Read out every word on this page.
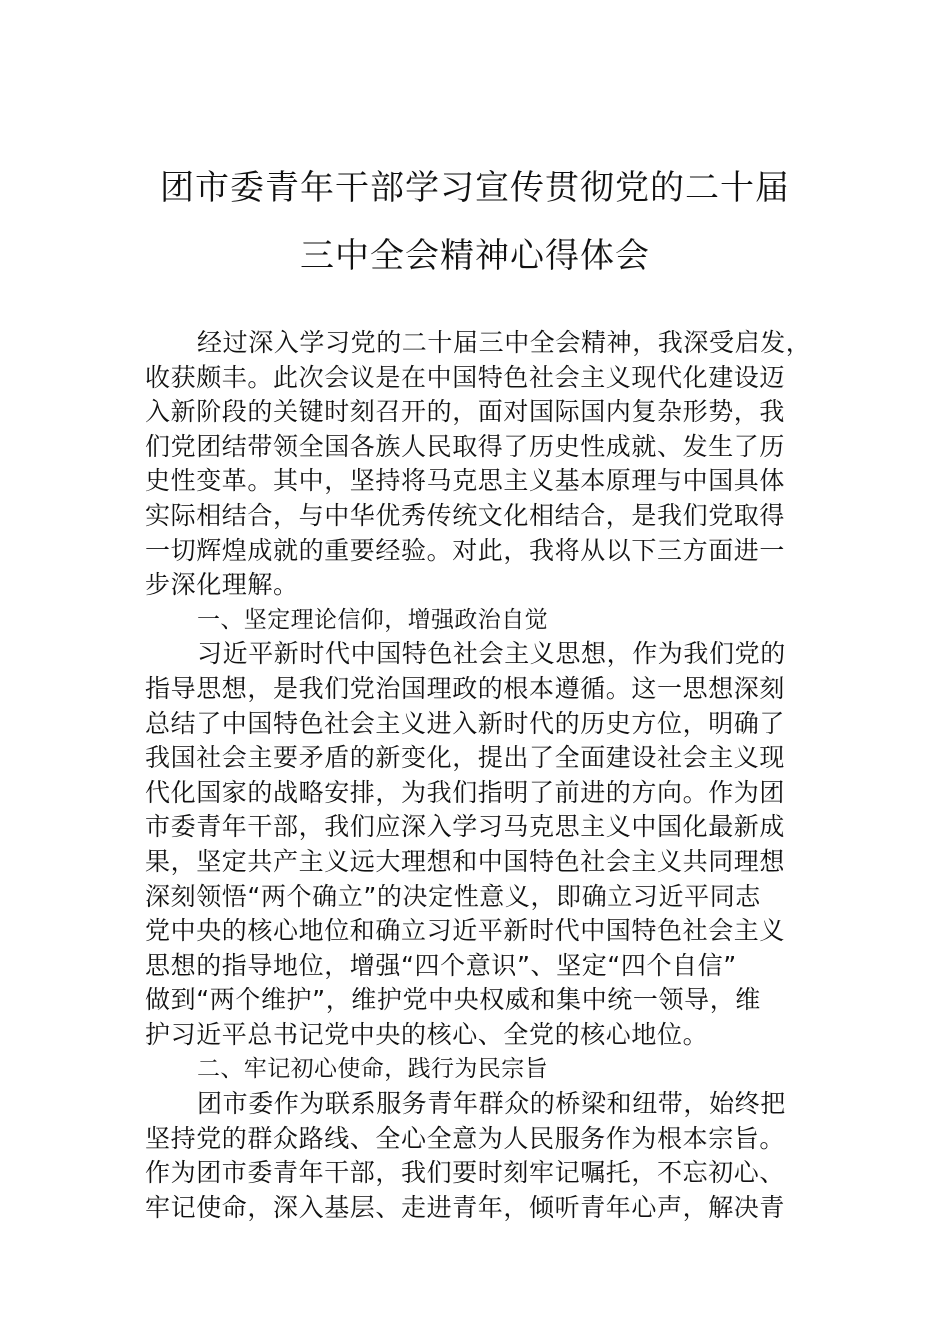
团市委青年干部学习宣传贯彻党的二十届
三中全会精神心得体会
经过深入学习党的二十届三中全会精神，我深受启发，
收获颇丰。此次会议是在中国特色社会主义现代化建设迈
入新阶段的关键时刻召开的，面对国际国内复杂形势，我
们党团结带领全国各族人民取得了历史性成就、发生了历
史性变革。其中，坚持将马克思主义基本原理与中国具体
实际相结合，与中华优秀传统文化相结合，是我们党取得
一切辉煌成就的重要经验。对此，我将从以下三方面进一
步深化理解。
一、坚定理论信仰，增强政治自觉
习近平新时代中国特色社会主义思想，作为我们党的
指导思想，是我们党治国理政的根本遵循。这一思想深刻
总结了中国特色社会主义进入新时代的历史方位，明确了
我国社会主要矛盾的新变化，提出了全面建设社会主义现
代化国家的战略安排，为我们指明了前进的方向。作为团
市委青年干部，我们应深入学习马克思主义中国化最新成
果，坚定共产主义远大理想和中国特色社会主义共同理想
深刻领悟“两个确立”的决定性意义，即确立习近平同志
党中央的核心地位和确立习近平新时代中国特色社会主义
思想的指导地位，增强“四个意识”、坚定“四个自信”
做到“两个维护”，维护党中央权威和集中统一领导，维
护习近平总书记党中央的核心、全党的核心地位。
二、牢记初心使命，践行为民宗旨
团市委作为联系服务青年群众的桥梁和纽带，始终把
坚持党的群众路线、全心全意为人民服务作为根本宗旨。
作为团市委青年干部，我们要时刻牢记嘱托，不忘初心、
牢记使命，深入基层、走进青年，倾听青年心声，解决青
